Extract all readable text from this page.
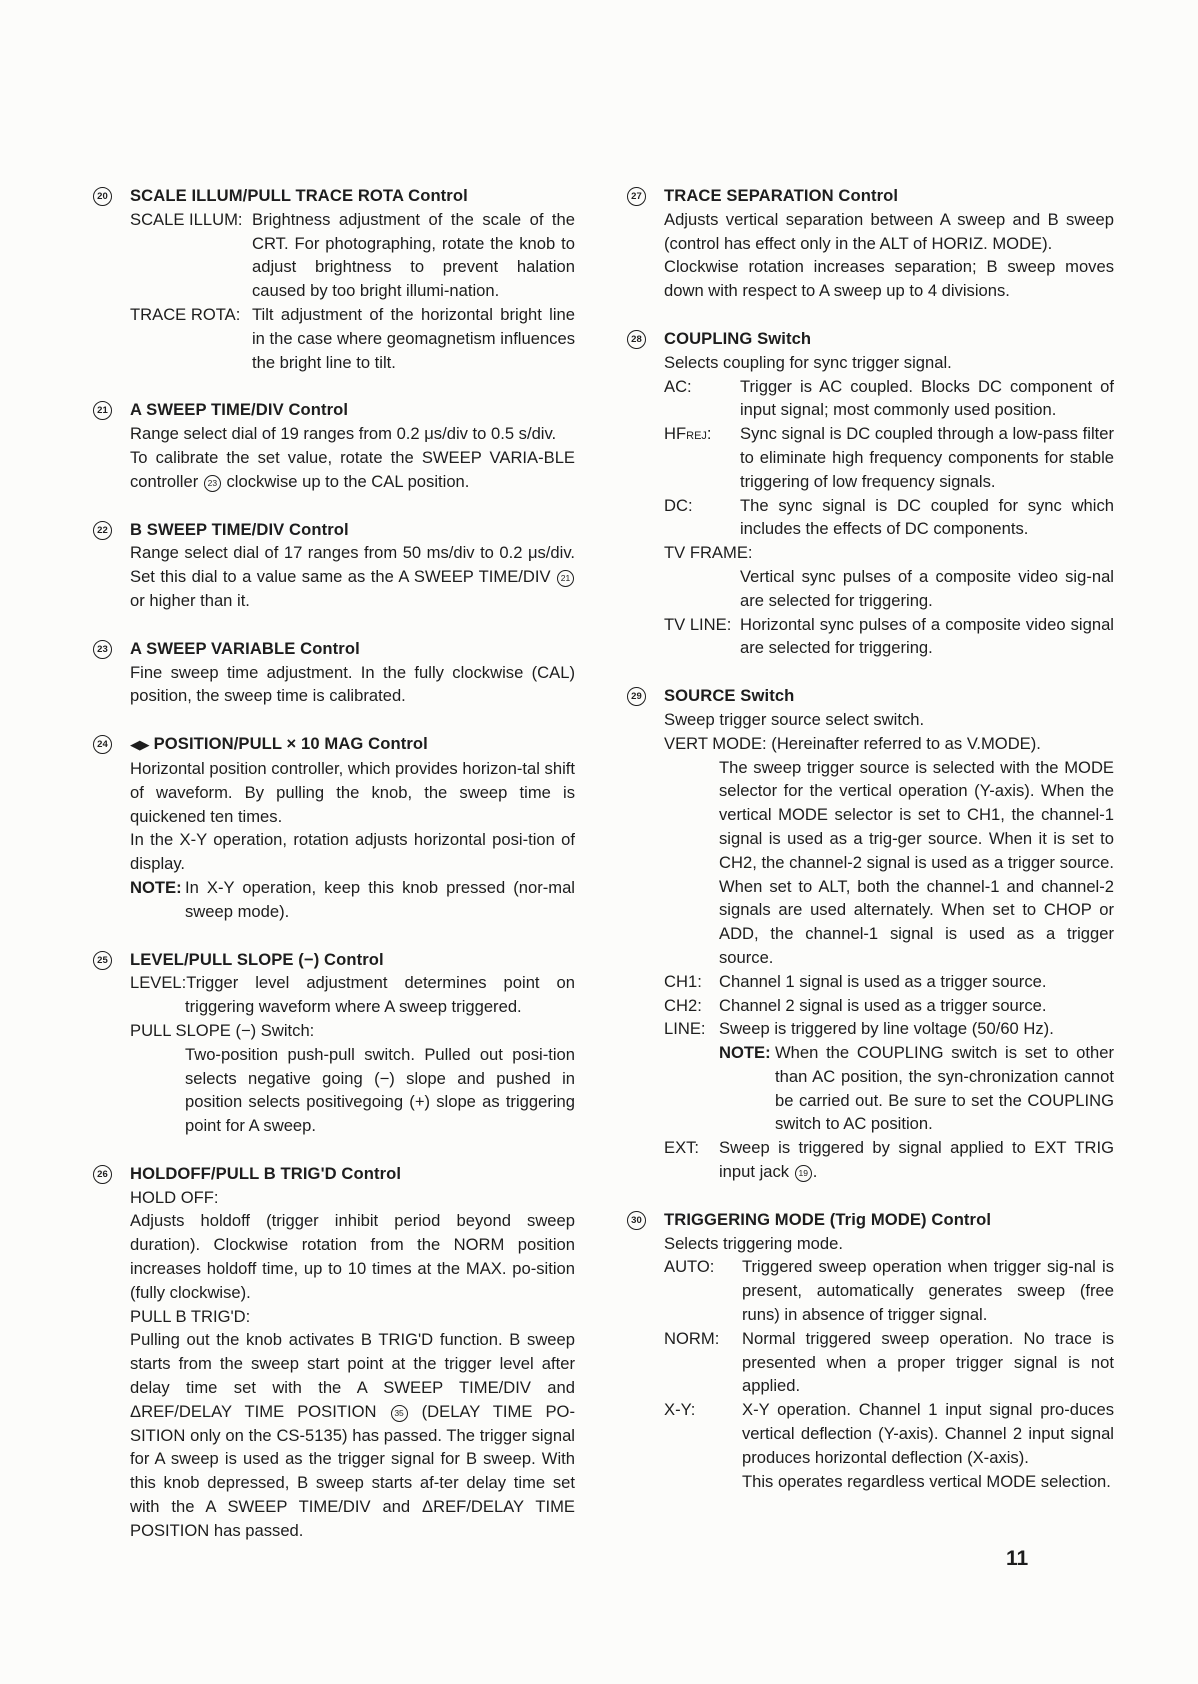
20 SCALE ILLUM/PULL TRACE ROTA Control
SCALE ILLUM: Brightness adjustment of the scale of the CRT. For photographing, rotate the knob to adjust brightness to prevent halation caused by too bright illumi-nation.
TRACE ROTA: Tilt adjustment of the horizontal bright line in the case where geomagnetism influences the bright line to tilt.
21 A SWEEP TIME/DIV Control
Range select dial of 19 ranges from 0.2 μs/div to 0.5 s/div.
To calibrate the set value, rotate the SWEEP VARIA-BLE controller 23 clockwise up to the CAL position.
22 B SWEEP TIME/DIV Control
Range select dial of 17 ranges from 50 ms/div to 0.2 μs/div. Set this dial to a value same as the A SWEEP TIME/DIV 21 or higher than it.
23 A SWEEP VARIABLE Control
Fine sweep time adjustment. In the fully clockwise (CAL) position, the sweep time is calibrated.
24	◀ ▶ POSITION/PULL × 10 MAG Control
Horizontal position controller, which provides horizon-tal shift of waveform. By pulling the knob, the sweep time is quickened ten times.
In the X-Y operation, rotation adjusts horizontal posi-tion of display.
NOTE: In X-Y operation, keep this knob pressed (nor-mal sweep mode).
25 LEVEL/PULL SLOPE (−) Control
LEVEL:Trigger level adjustment determines point on triggering waveform where A sweep triggered.
PULL SLOPE (−) Switch:
Two-position push-pull switch. Pulled out posi-tion selects negative going (−) slope and pushed in position selects positivegoing (+) slope as triggering point for A sweep.
26 HOLDOFF/PULL B TRIG'D Control
HOLD OFF:
Adjusts holdoff (trigger inhibit period beyond sweep duration). Clockwise rotation from the NORM position increases holdoff time, up to 10 times at the MAX. po-sition (fully clockwise).
PULL B TRIG'D:
Pulling out the knob activates B TRIG'D function. B sweep starts from the sweep start point at the trigger level after delay time set with the A SWEEP TIME/DIV and ΔREF/DELAY TIME POSITION 35 (DELAY TIME PO-SITION only on the CS-5135) has passed. The trigger signal for A sweep is used as the trigger signal for B sweep. With this knob depressed, B sweep starts af-ter delay time set with the A SWEEP TIME/DIV and ΔREF/DELAY TIME POSITION has passed.
27 TRACE SEPARATION Control
Adjusts vertical separation between A sweep and B sweep (control has effect only in the ALT of HORIZ. MODE).
Clockwise rotation increases separation; B sweep moves down with respect to A sweep up to 4 divisions.
28 COUPLING Switch
Selects coupling for sync trigger signal.
AC:	Trigger is AC coupled. Blocks DC component of input signal; most commonly used position.
HFREJ:	Sync signal is DC coupled through a low-pass filter to eliminate high frequency components for stable triggering of low frequency signals.
DC:	The sync signal is DC coupled for sync which includes the effects of DC components.
TV FRAME:
Vertical sync pulses of a composite video sig-nal are selected for triggering.
TV LINE: Horizontal sync pulses of a composite video signal are selected for triggering.
29 SOURCE Switch
Sweep trigger source select switch.
VERT MODE: (Hereinafter referred to as V.MODE).
The sweep trigger source is selected with the MODE selector for the vertical operation (Y-axis). When the vertical MODE selector is set to CH1, the channel-1 signal is used as a trig-ger source. When it is set to CH2, the channel-2 signal is used as a trigger source. When set to ALT, both the channel-1 and channel-2 signals are used alternately. When set to CHOP or ADD, the channel-1 signal is used as a trigger source.
CH1:	Channel 1 signal is used as a trigger source.
CH2:	Channel 2 signal is used as a trigger source.
LINE: Sweep is triggered by line voltage (50/60 Hz).
NOTE: When the COUPLING switch is set to other than AC position, the syn-chronization cannot be carried out. Be sure to set the COUPLING switch to AC position.
EXT:	Sweep is triggered by signal applied to EXT TRIG input jack 19 .
30 TRIGGERING MODE (Trig MODE) Control
Selects triggering mode.
AUTO:	Triggered sweep operation when trigger sig-nal is present, automatically generates sweep (free runs) in absence of trigger signal.
NORM:	Normal triggered sweep operation. No trace is presented when a proper trigger signal is not applied.
X-Y:	X-Y operation. Channel 1 input signal pro-duces vertical deflection (Y-axis). Channel 2 input signal produces horizontal deflection (X-axis).
This operates regardless vertical MODE selection.
11
